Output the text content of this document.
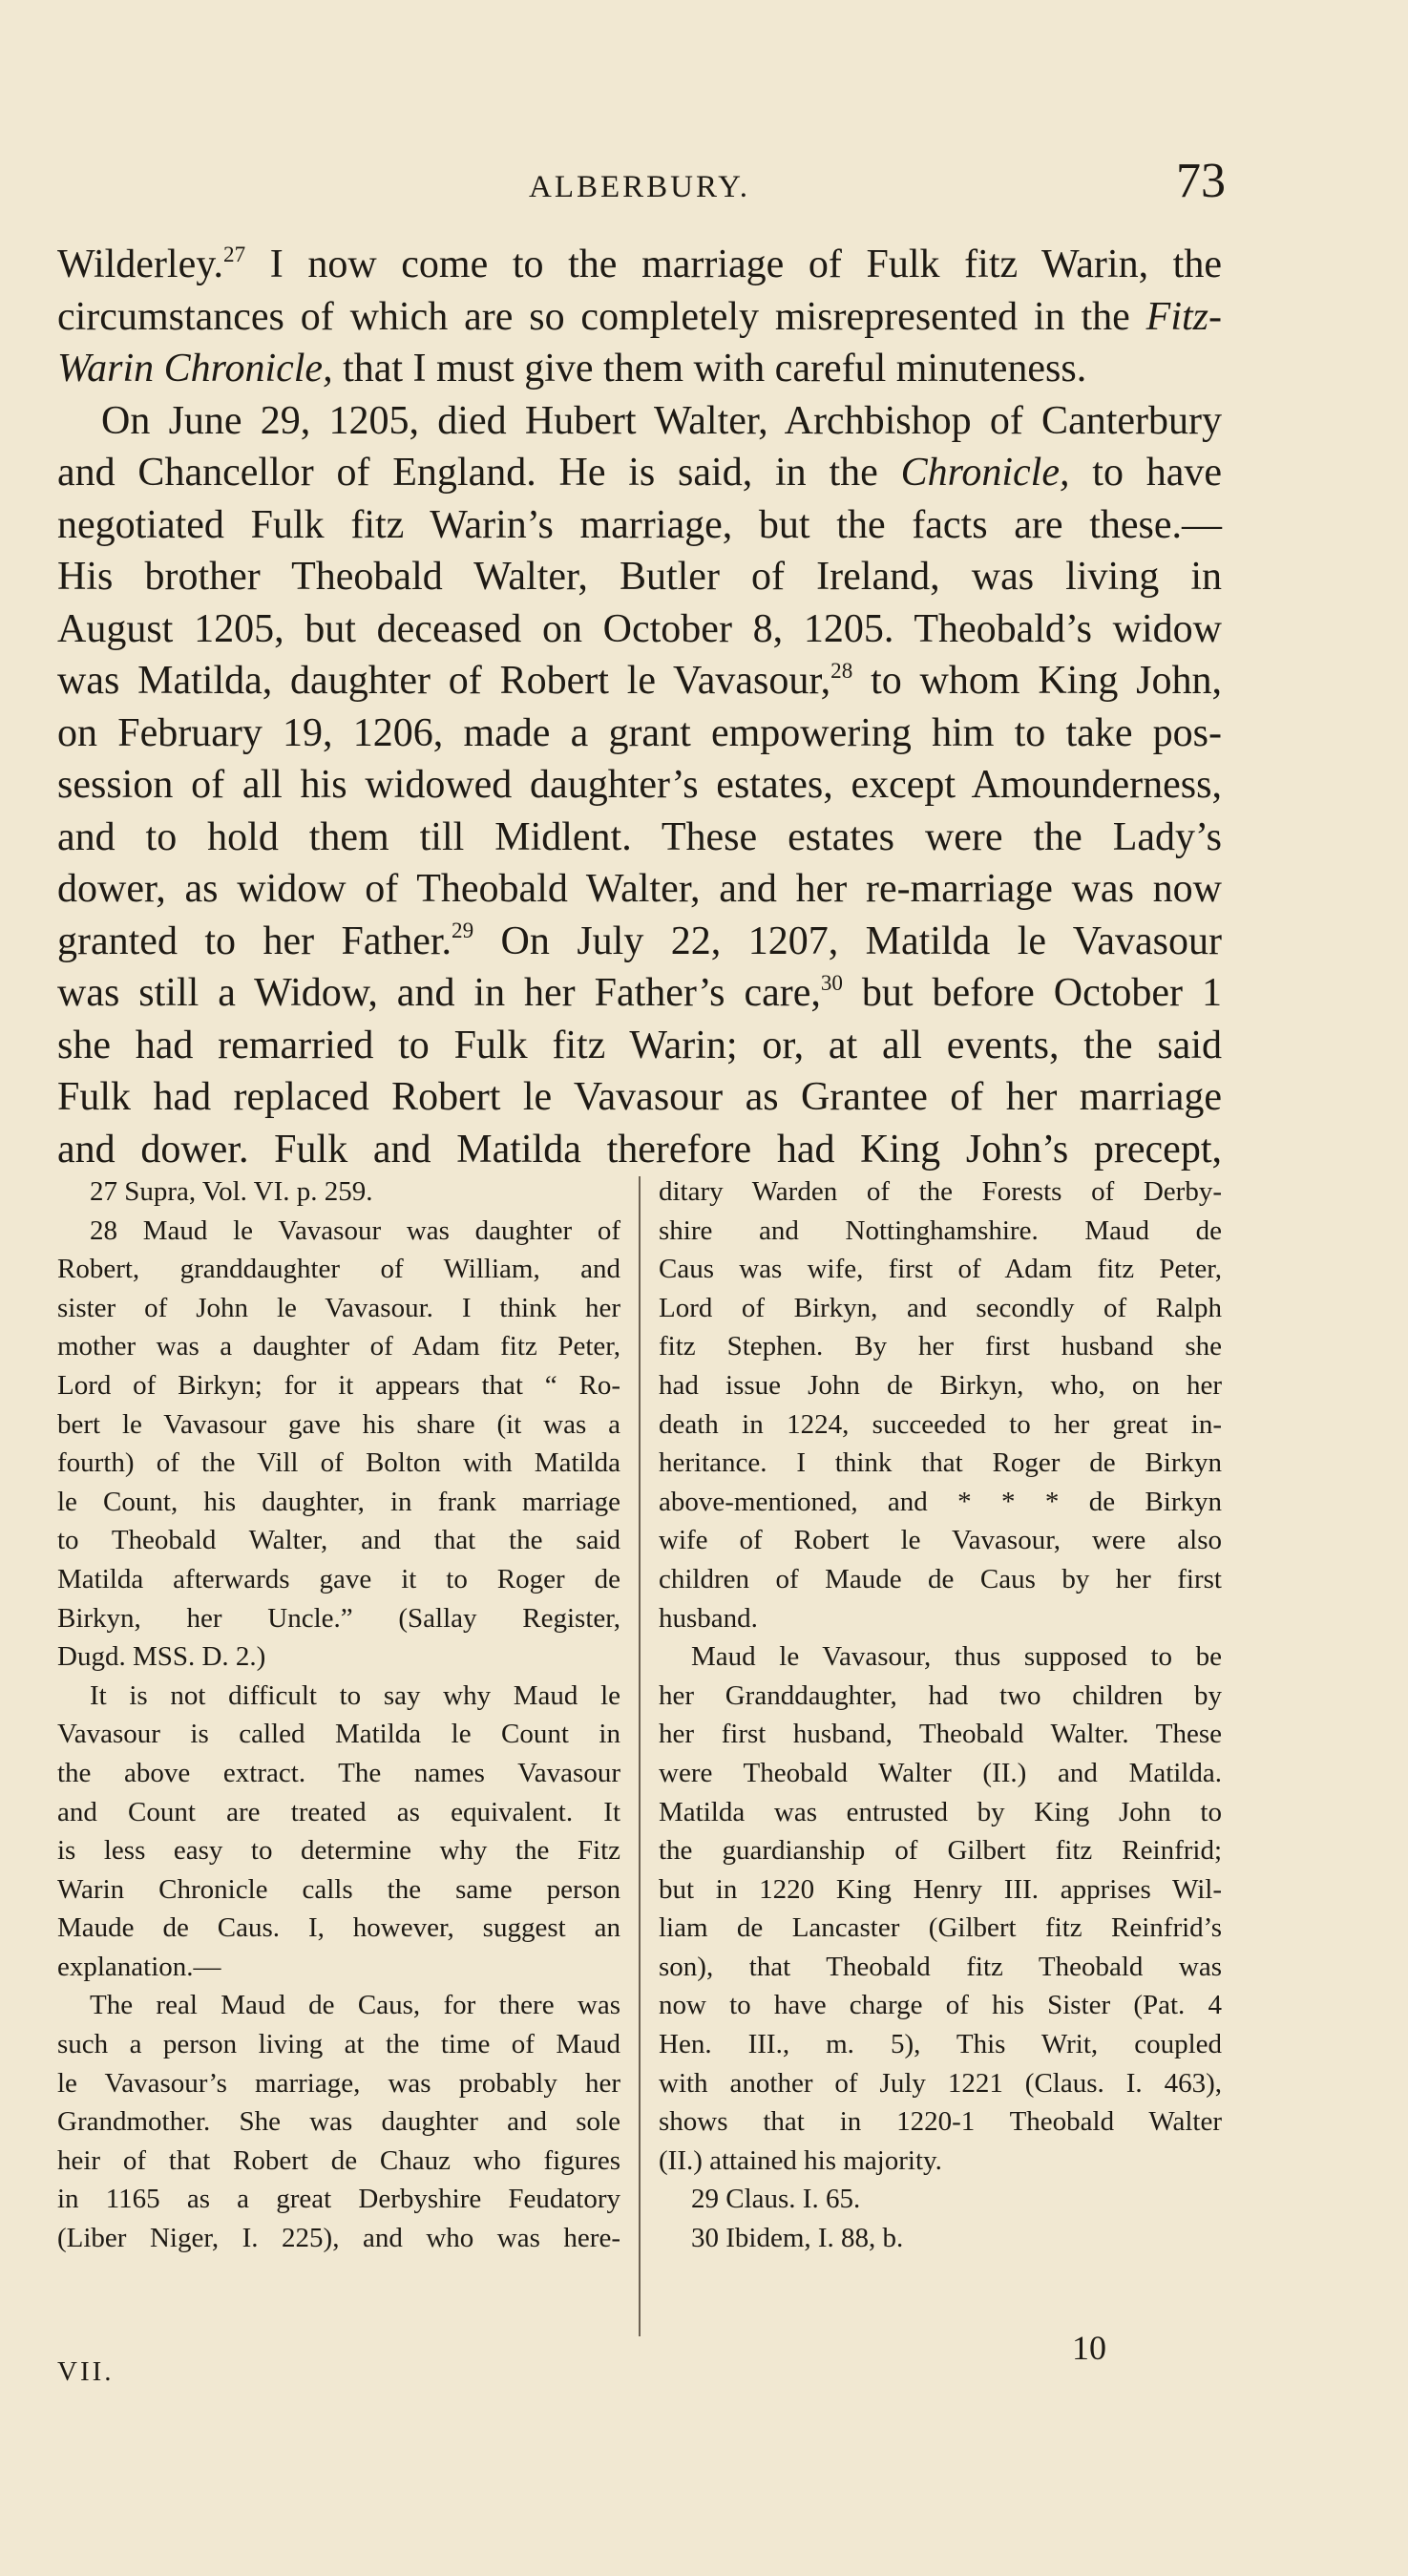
ALBERBURY.	73
Wilderley.$^{27}$ I now come to the marriage of Fulk fitz Warin, the
circumstances of which are so completely misrepresented in the Fitz-
Warin Chronicle, that I must give them with careful minuteness.
On June 29, 1205, died Hubert Walter, Archbishop of Canterbury
and Chancellor of England. He is said, in the Chronicle, to have
negotiated Fulk fitz Warin’s marriage, but the facts are these.—
His brother Theobald Walter, Butler of Ireland, was living in
August 1205, but deceased on October 8, 1205. Theobald’s widow
was Matilda, daughter of Robert le Vavasour,$^{28}$ to whom King John,
on February 19, 1206, made a grant empowering him to take pos-
session of all his widowed daughter’s estates, except Amounderness,
and to hold them till Midlent. These estates were the Lady’s
dower, as widow of Theobald Walter, and her re-marriage was now
granted to her Father.$^{29}$ On July 22, 1207, Matilda le Vavasour
was still a Widow, and in her Father’s care,$^{30}$ but before October 1
she had remarried to Fulk fitz Warin; or, at all events, the said
Fulk had replaced Robert le Vavasour as Grantee of her marriage
and dower. Fulk and Matilda therefore had King John’s precept,
27 Supra, Vol. VI. p. 259.
28 Maud le Vavasour was daughter of
Robert, granddaughter of William, and
sister of John le Vavasour. I think her
mother was a daughter of Adam fitz Peter,
Lord of Birkyn; for it appears that “ Ro-
bert le Vavasour gave his share (it was a
fourth) of the Vill of Bolton with Matilda
le Count, his daughter, in frank marriage
to Theobald Walter, and that the said
Matilda afterwards gave it to Roger de
Birkyn, her Uncle.” (Sallay Register,
Dugd. MSS. D. 2.)
It is not difficult to say why Maud le
Vavasour is called Matilda le Count in
the above extract. The names Vavasour
and Count are treated as equivalent. It
is less easy to determine why the Fitz
Warin Chronicle calls the same person
Maude de Caus. I, however, suggest an
explanation.—
The real Maud de Caus, for there was
such a person living at the time of Maud
le Vavasour’s marriage, was probably her
Grandmother. She was daughter and sole
heir of that Robert de Chauz who figures
in 1165 as a great Derbyshire Feudatory
(Liber Niger, I. 225), and who was here-
ditary Warden of the Forests of Derby-
shire and Nottinghamshire. Maud de
Caus was wife, first of Adam fitz Peter,
Lord of Birkyn, and secondly of Ralph
fitz Stephen. By her first husband she
had issue John de Birkyn, who, on her
death in 1224, succeeded to her great in-
heritance. I think that Roger de Birkyn
above-mentioned, and * * * de Birkyn
wife of Robert le Vavasour, were also
children of Maude de Caus by her first
husband.
Maud le Vavasour, thus supposed to be
her Granddaughter, had two children by
her first husband, Theobald Walter. These
were Theobald Walter (II.) and Matilda.
Matilda was entrusted by King John to
the guardianship of Gilbert fitz Reinfrid;
but in 1220 King Henry III. apprises Wil-
liam de Lancaster (Gilbert fitz Reinfrid’s
son), that Theobald fitz Theobald was
now to have charge of his Sister (Pat. 4
Hen. III., m. 5), This Writ, coupled
with another of July 1221 (Claus. I. 463),
shows that in 1220-1 Theobald Walter
(II.) attained his majority.
29 Claus. I. 65.
30 Ibidem, I. 88, b.
VII.
10
